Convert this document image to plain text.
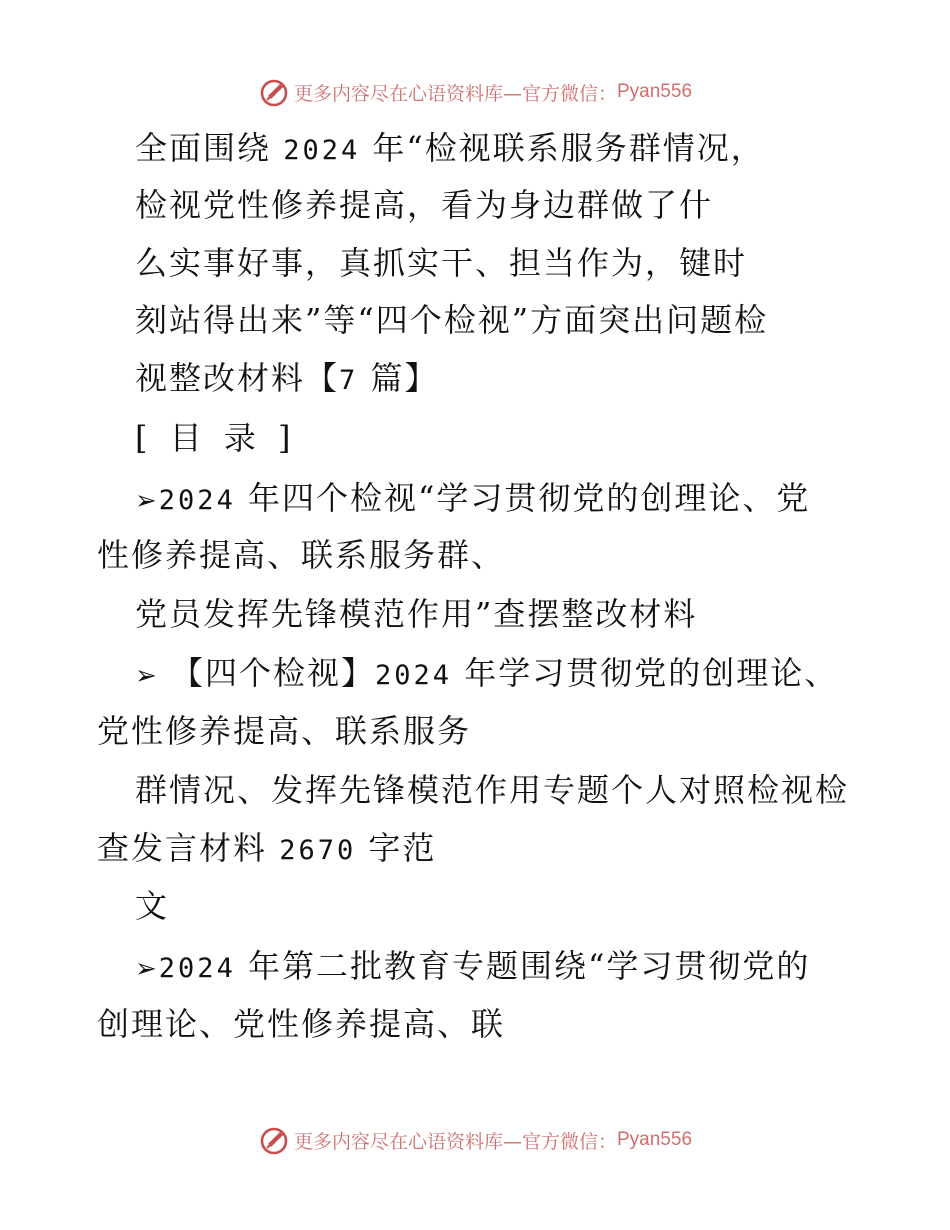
更多内容尽在心语资料库—官方微信： Pyan556
全面围绕 2024 年“检视联系服务群情况，
检视党性修养提高，看为身边群做了什
么实事好事，真抓实干、担当作为，键时
刻站得出来”等“四个检视”方面突出问题检
视整改材料【7 篇】
[ 目 录 ]
➢2024 年四个检视“学习贯彻党的创理论、党
性修养提高、联系服务群、
党员发挥先锋模范作用”查摆整改材料
➢ 【四个检视】2024 年学习贯彻党的创理论、
党性修养提高、联系服务
群情况、发挥先锋模范作用专题个人对照检视检
查发言材料 2670 字范
文
➢2024 年第二批教育专题围绕“学习贯彻党的
创理论、党性修养提高、联
更多内容尽在心语资料库—官方微信： Pyan556
